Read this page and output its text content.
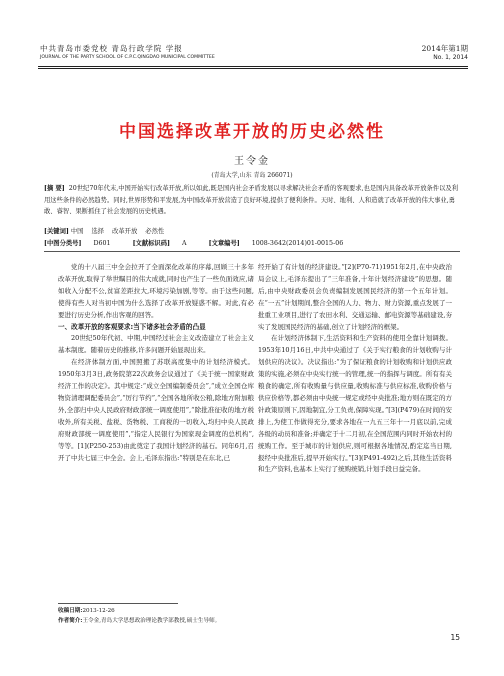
中共青岛市委党校 青岛行政学院 学报
JOURNAL OF THE PARTY SCHOOL OF C.P.C.QINGDAO MUNICIPAL COMMITTEE
2014年第1期
No. 1, 2014
中国选择改革开放的历史必然性
王令金
(青岛大学,山东 青岛 266071)
[摘 要] 20世纪70年代末,中国开始实行改革开放,所以如此,既是国内社会矛盾发展以寻求解决社会矛盾的客观要求,也是国内具备改革开放条件以及利用这些条件的必然趋势。同时,世界形势和平发展,为中国改革开放营造了良好环境,提供了便利条件。天时、地利、人和造就了改革开放的伟大事业,勇敢、睿智、果断抓住了社会发展的历史机遇。
[关键词] 中国    选择    改革开放    必然性
[中图分类号] D601	[文献标识码] A	[文章编号] 1008-3642(2014)01-0015-06

党的十八届三中全会拉开了全面深化改革的序幕,回顾三十多年改革开放,取得了举世瞩目的伟大成就,同时也产生了一些负面效应,诸如收入分配不公,贫富差距拉大,环境污染加剧,等等。由于这些问题,使得有些人对当初中国为什么选择了改革开放疑惑不解。对此,有必要进行历史分析,作出客观的回答。

一、改革开放的客观要求:当下诸多社会矛盾的凸显

20世纪50年代初、中期,中国经过社会主义改造建立了社会主义基本制度。随着历史的推移,许多问题开始显现出来。

在经济体制方面,中国照搬了苏联高度集中的计划经济模式。1950年3月3日,政务院第22次政务会议通过了《关于统一国家财政经济工作的决定》。其中规定:“成立全国编制委员会”,“成立全国仓库物资清理调配委员会”,“厉行节约”,“全国各地所收公粮,除地方附加粮外,全部归中央人民政府财政部统一调度使用”,“除批准征收的地方税收外,所有关税、盐税、货物税、工商税的一切收入,均归中央人民政府财政部统一调度使用”,“指定人民银行为国家现金调度的总机构”,等等。[1](P250-253)由此奠定了我国计划经济的基石。同年6月,召开了中共七届三中全会。会上,毛泽东指出:“特别是在东北,已

经开始了有计划的经济建设。”[2](P70-71)1951年2月,在中央政治局会议上,毛泽东提出了“三年准备,十年计划经济建设”的思想。随后,由中央财政委员会负责编制发展国民经济的第一个五年计划。在“一五”计划期间,整合全国的人力、物力、财力资源,重点发展了一批重工业项目,进行了农田水利、交通运输、邮电资源等基础建设,夯实了发展国民经济的基础,创立了计划经济的框架。

在计划经济体制下,生活资料和生产资料的使用全靠计划调拨。1953年10月16日,中共中央通过了《关于实行粮食的计划收购与计划供应的决议》。决议指出:“为了保证粮食的计划收购和计划供应政策的实施,必须在中央实行统一的管理,统一的指挥与调度。所有有关粮食的确定,所有收购量与供应量,收购标准与供应标准,收购价格与供应价格等,都必须由中央统一规定或经中央批准;地方则在既定的方针政策原则下,因地制宜,分工负责,保障实现。”[3](P479)在时间的安排上,为使工作做得充分,要求各地在一九五三年十一月底以前,完成各级的动员和准备;并确定于十二月初,在全国范围内同时开始农村的统购工作。至于城市的计划供应,则可根据各地情况,酌定迄当日期,报经中央批准后,提早开始实行。”[3](P491-492)之后,其他生活资料和生产资料,也基本上实行了统购统销,计划手段日益完备。

收稿日期:2013-12-26
作者简介:王令金,青岛大学思想政治理论教学部教授,硕士生导师。
15
